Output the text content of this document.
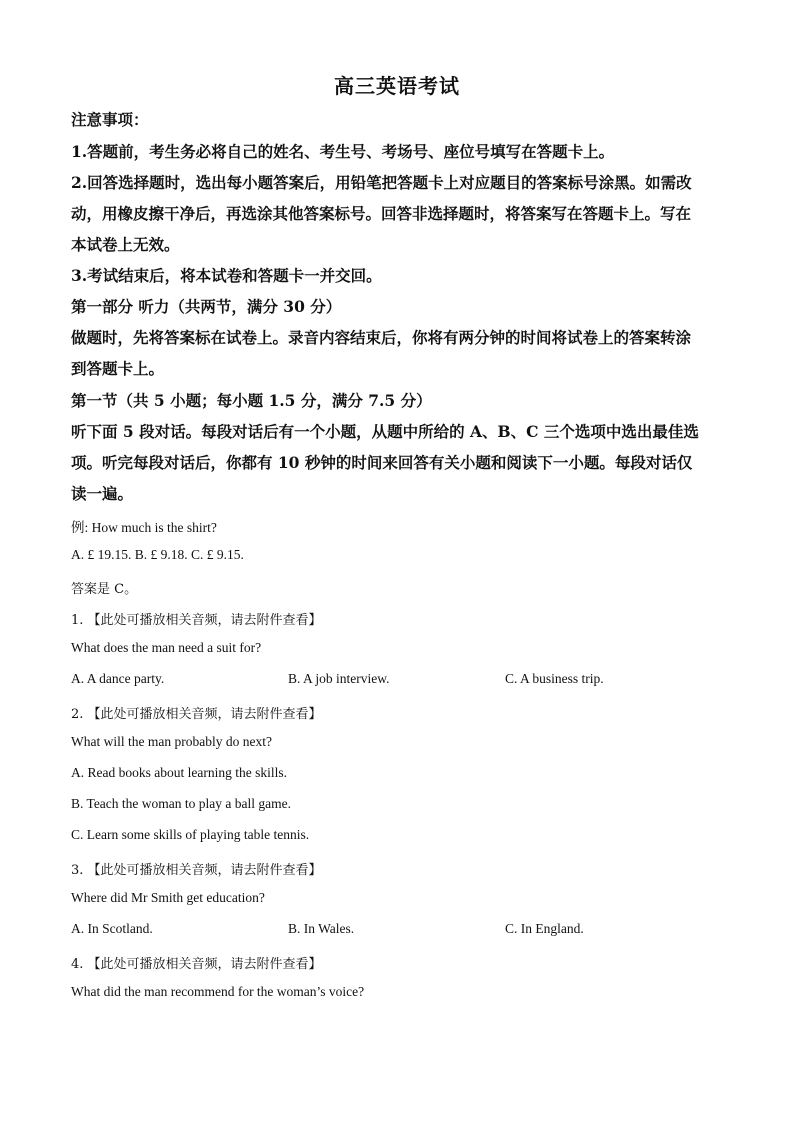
高三英语考试
注意事项：
1.答题前，考生务必将自己的姓名、考生号、考场号、座位号填写在答题卡上。
2.回答选择题时，选出每小题答案后，用铅笔把答题卡上对应题目的答案标号涂黑。如需改
动，用橡皮擦干净后，再选涂其他答案标号。回答非选择题时，将答案写在答题卡上。写在
本试卷上无效。
3.考试结束后，将本试卷和答题卡一并交回。
第一部分 听力（共两节，满分 30 分）
做题时，先将答案标在试卷上。录音内容结束后，你将有两分钟的时间将试卷上的答案转涂
到答题卡上。
第一节（共 5 小题；每小题 1.5 分，满分 7.5 分）
听下面 5 段对话。每段对话后有一个小题，从题中所给的 A、B、C 三个选项中选出最佳选
项。听完每段对话后，你都有 10 秒钟的时间来回答有关小题和阅读下一小题。每段对话仅
读一遍。
例: How much is the shirt?
A. £ 19.15. B. £ 9.18. C. £ 9.15.
答案是 C。
1. 【此处可播放相关音频，请去附件查看】
What does the man need a suit for?
A. A dance party.	B. A job interview.	C. A business trip.
2. 【此处可播放相关音频，请去附件查看】
What will the man probably do next?
A. Read books about learning the skills.
B. Teach the woman to play a ball game.
C. Learn some skills of playing table tennis.
3. 【此处可播放相关音频，请去附件查看】
Where did Mr Smith get education?
A. In Scotland.	B. In Wales.	C. In England.
4. 【此处可播放相关音频，请去附件查看】
What did the man recommend for the woman’s voice?
